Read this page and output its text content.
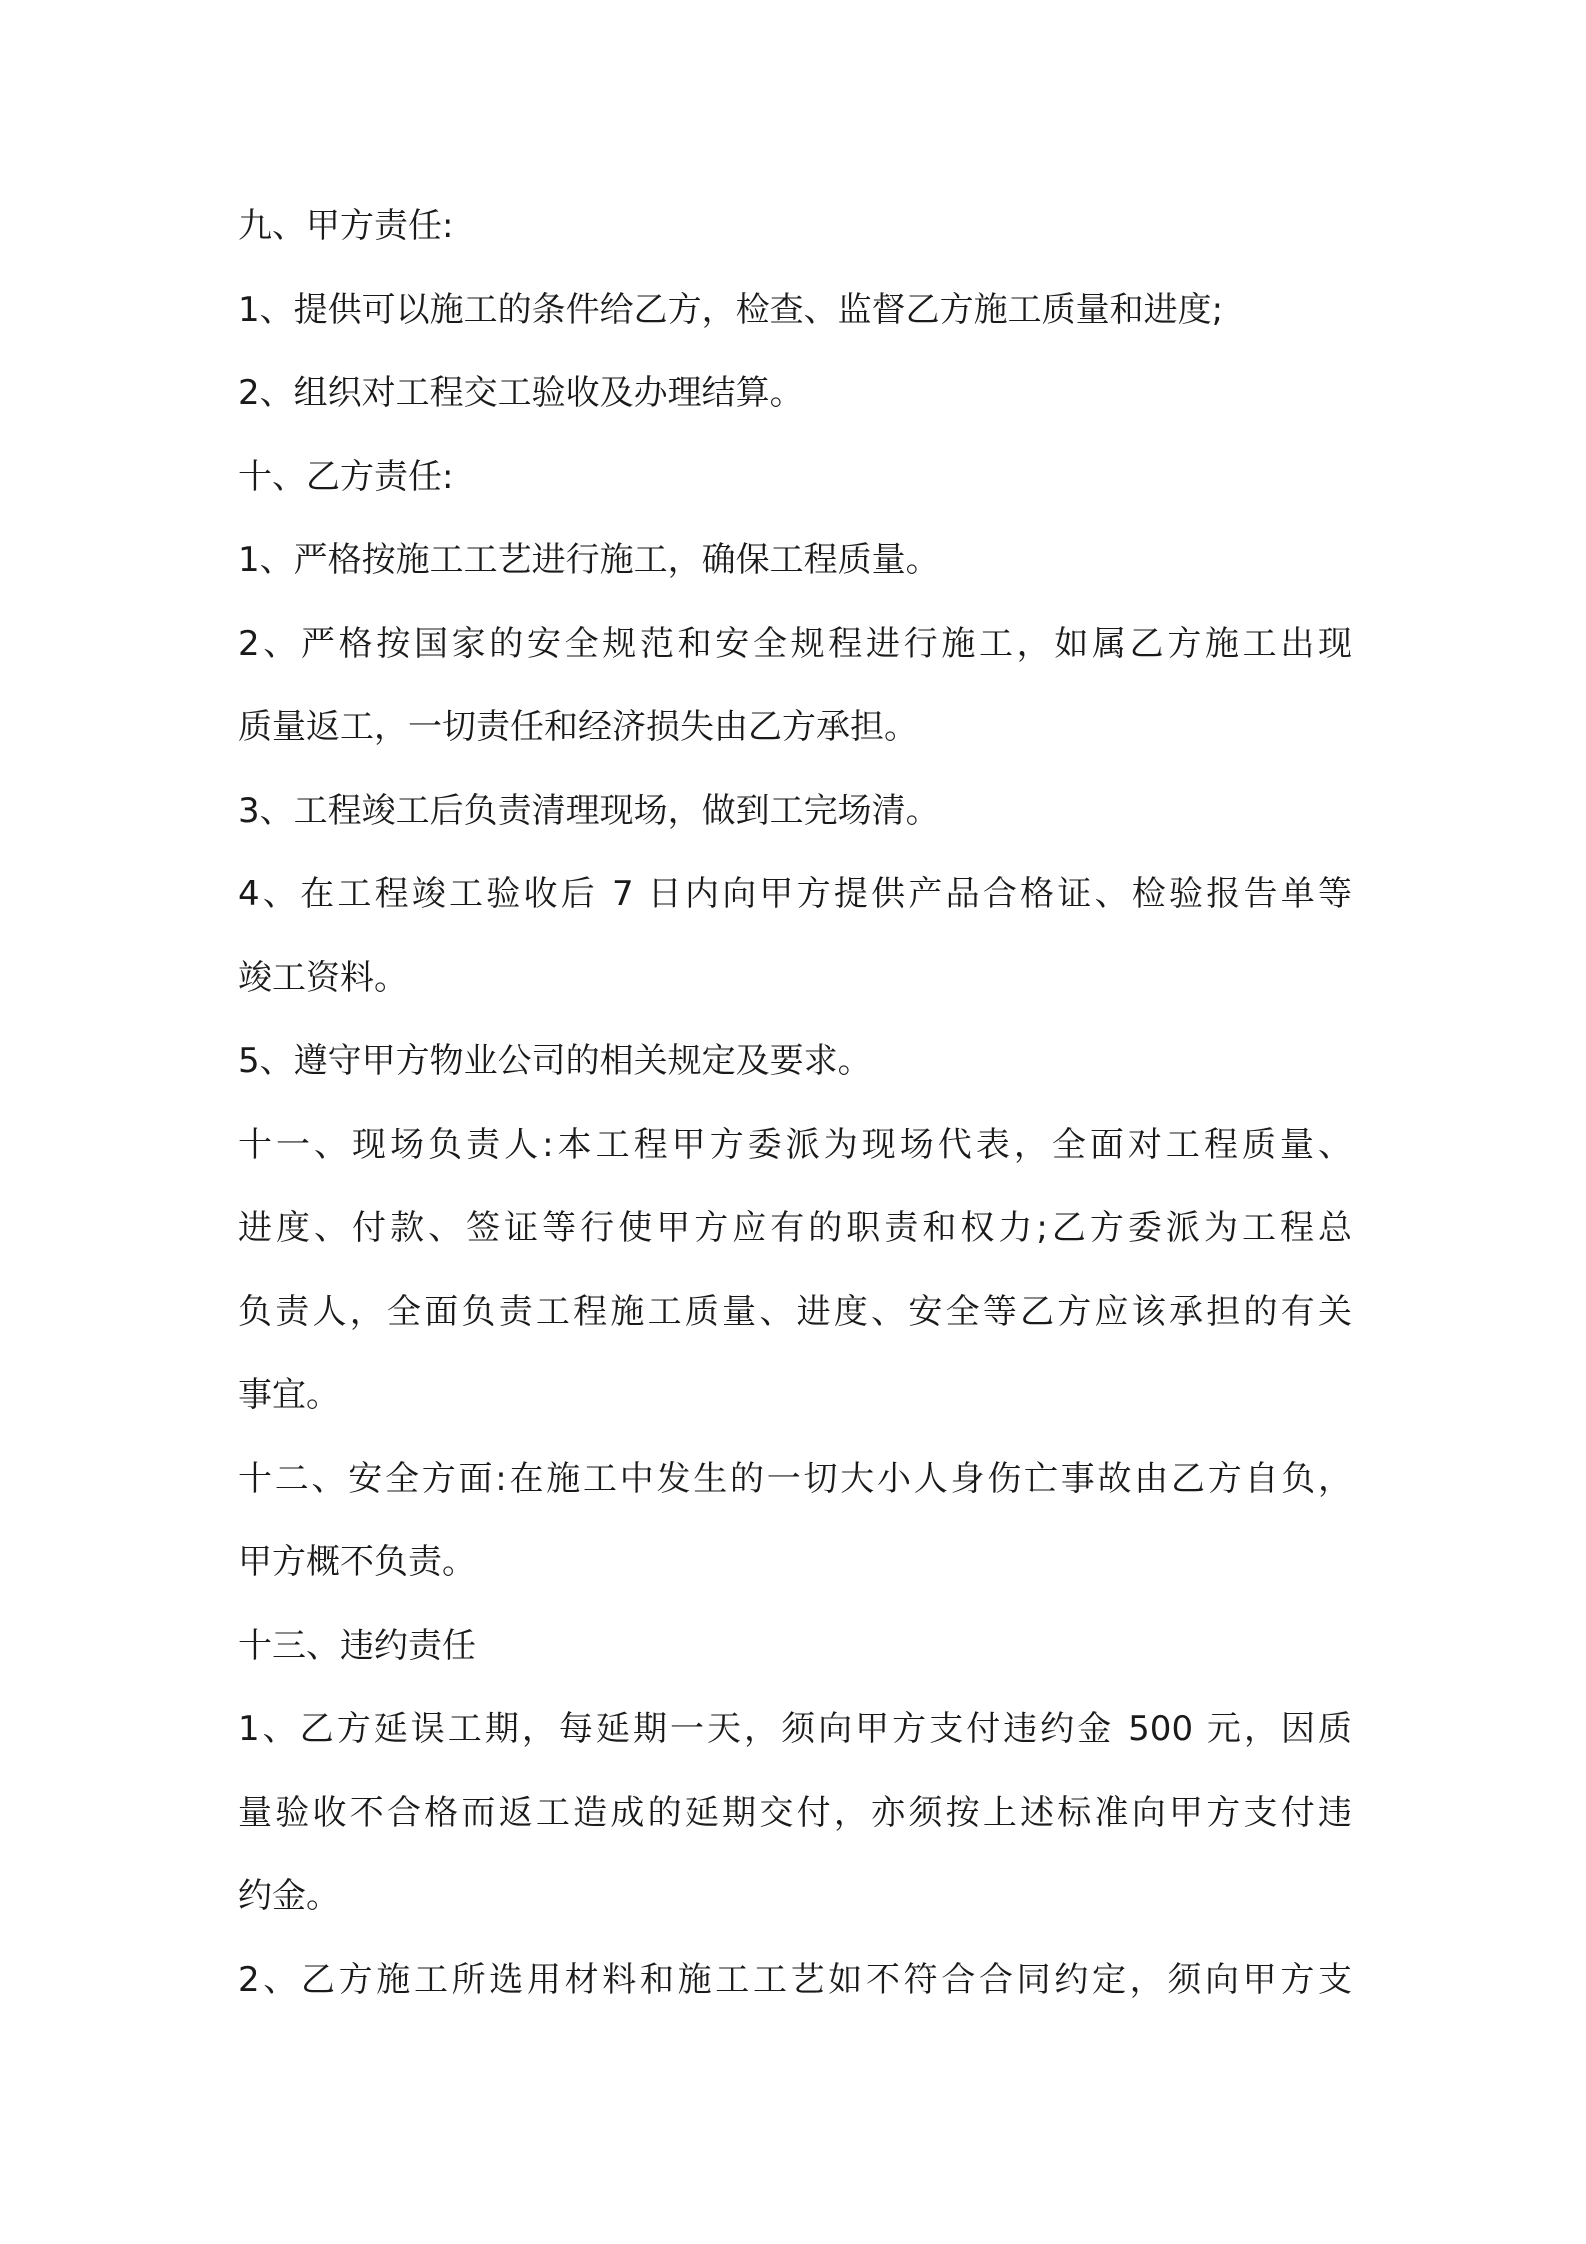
九、甲方责任:
1、提供可以施工的条件给乙方，检查、监督乙方施工质量和进度;
2、组织对工程交工验收及办理结算。
十、乙方责任:
1、严格按施工工艺进行施工，确保工程质量。
2、严格按国家的安全规范和安全规程进行施工，如属乙方施工出现
质量返工，一切责任和经济损失由乙方承担。
3、工程竣工后负责清理现场，做到工完场清。
4、在工程竣工验收后 7 日内向甲方提供产品合格证、检验报告单等
竣工资料。
5、遵守甲方物业公司的相关规定及要求。
十一、现场负责人:本工程甲方委派为现场代表，全面对工程质量、
进度、付款、签证等行使甲方应有的职责和权力;乙方委派为工程总
负责人，全面负责工程施工质量、进度、安全等乙方应该承担的有关
事宜。
十二、安全方面:在施工中发生的一切大小人身伤亡事故由乙方自负，
甲方概不负责。
十三、违约责任
1、乙方延误工期，每延期一天，须向甲方支付违约金 500 元，因质
量验收不合格而返工造成的延期交付，亦须按上述标准向甲方支付违
约金。
2、乙方施工所选用材料和施工工艺如不符合合同约定，须向甲方支
